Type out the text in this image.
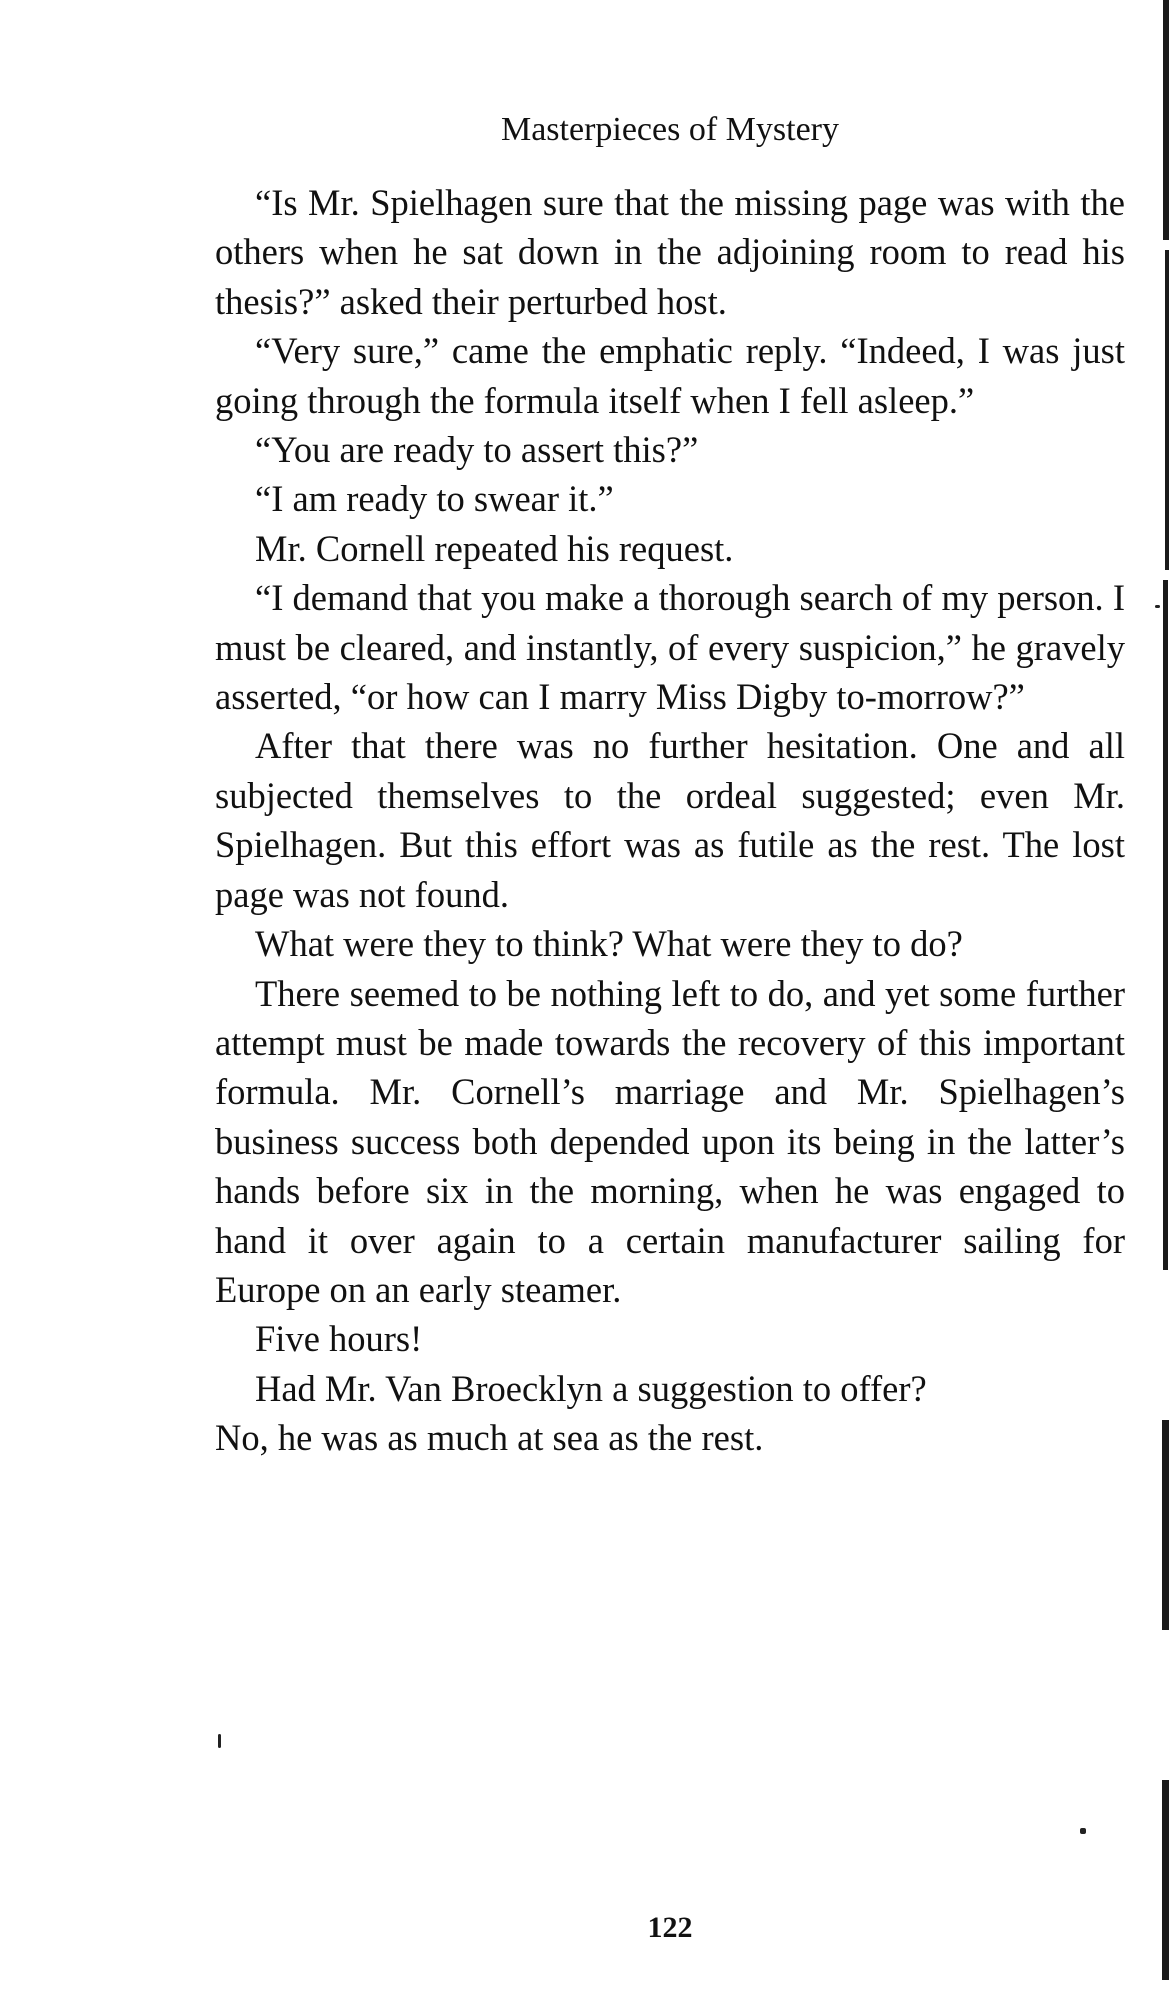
Masterpieces of Mystery

“Is Mr. Spielhagen sure that the missing page was with the others when he sat down in the adjoining room to read his thesis?” asked their perturbed host.

“Very sure,” came the emphatic reply. “Indeed, I was just going through the formula itself when I fell asleep.”

“You are ready to assert this?”

“I am ready to swear it.”

Mr. Cornell repeated his request.

“I demand that you make a thorough search of my person. I must be cleared, and instantly, of every suspicion,” he gravely asserted, “or how can I marry Miss Digby to-morrow?”

After that there was no further hesitation. One and all subjected themselves to the ordeal suggested; even Mr. Spielhagen. But this effort was as futile as the rest. The lost page was not found.

What were they to think? What were they to do?

There seemed to be nothing left to do, and yet some further attempt must be made towards the recovery of this important formula. Mr. Cornell’s marriage and Mr. Spielhagen’s business success both depended upon its being in the latter’s hands before six in the morning, when he was engaged to hand it over again to a certain manufacturer sailing for Europe on an early steamer.

Five hours!

Had Mr. Van Broecklyn a suggestion to offer?

No, he was as much at sea as the rest.

122
